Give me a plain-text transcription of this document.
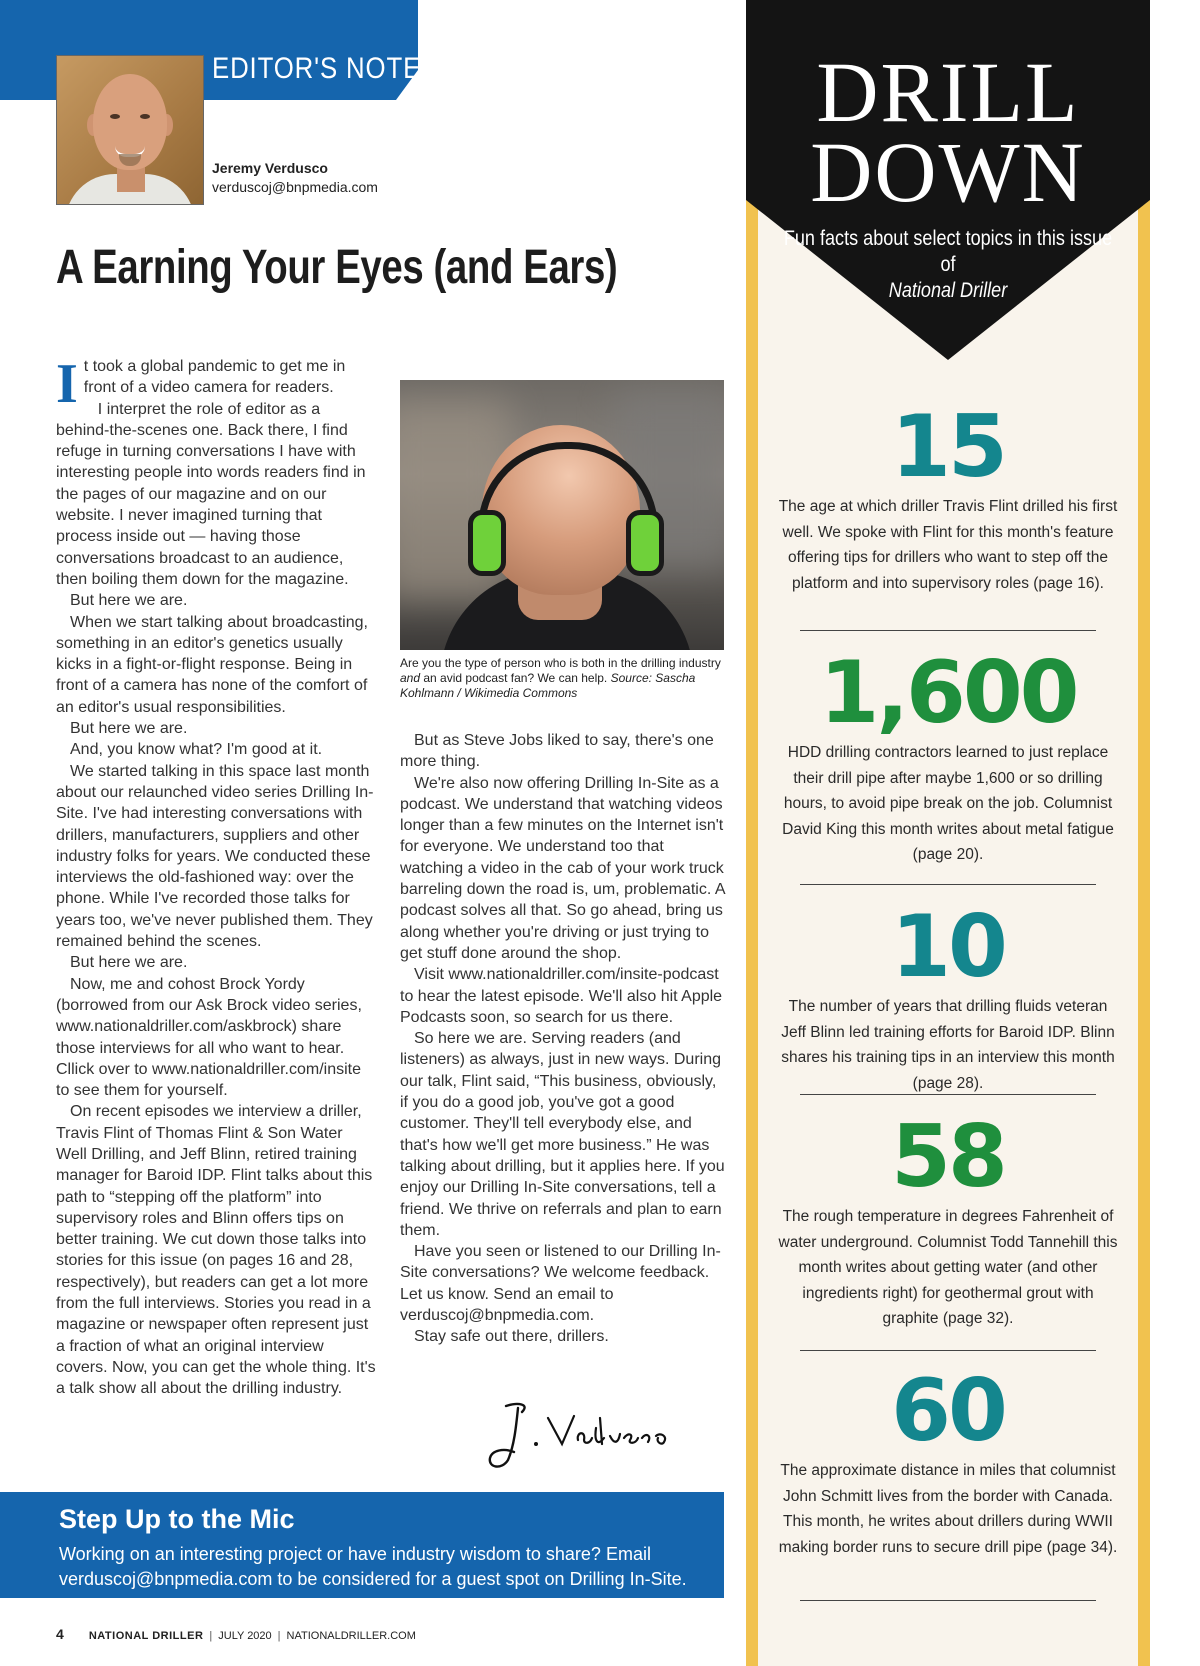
EDITOR'S NOTES
Jeremy Verdusco
verduscoj@bnpmedia.com
A Earning Your Eyes (and Ears)

It took a global pandemic to get me in front of a video camera for readers.

I interpret the role of editor as a behind-the-scenes one. Back there, I find refuge in turning conversations I have with interesting people into words readers find in the pages of our magazine and on our website. I never imagined turning that process inside out — having those conversations broadcast to an audience, then boiling them down for the magazine.

But here we are.

When we start talking about broadcasting, something in an editor's genetics usually kicks in a fight-or-flight response. Being in front of a camera has none of the comfort of an editor's usual responsibilities.

But here we are.

And, you know what? I'm good at it.

We started talking in this space last month about our relaunched video series Drilling In-Site. I've had interesting conversations with drillers, manufacturers, suppliers and other industry folks for years. We conducted these interviews the old-fashioned way: over the phone. While I've recorded those talks for years too, we've never published them. They remained behind the scenes.

But here we are.

Now, me and cohost Brock Yordy (borrowed from our Ask Brock video series, www.nationaldriller.com/askbrock) share those interviews for all who want to hear. Cllick over to www.nationaldriller.com/insite to see them for yourself.

On recent episodes we interview a driller, Travis Flint of Thomas Flint & Son Water Well Drilling, and Jeff Blinn, retired training manager for Baroid IDP. Flint talks about this path to “stepping off the platform” into supervisory roles and Blinn offers tips on better training. We cut down those talks into stories for this issue (on pages 16 and 28, respectively), but readers can get a lot more from the full interviews. Stories you read in a magazine or newspaper often represent just a fraction of what an original interview covers. Now, you can get the whole thing. It's a talk show all about the drilling industry.

Are you the type of person who is both in the drilling industry and an avid podcast fan? We can help. Source: Sascha Kohlmann / Wikimedia Commons

But as Steve Jobs liked to say, there's one more thing.

We're also now offering Drilling In-Site as a podcast. We understand that watching videos longer than a few minutes on the Internet isn't for everyone. We understand too that watching a video in the cab of your work truck barreling down the road is, um, problematic. A podcast solves all that. So go ahead, bring us along whether you're driving or just trying to get stuff done around the shop.

Visit www.nationaldriller.com/insite-podcast to hear the latest episode. We'll also hit Apple Podcasts soon, so search for us there.

So here we are. Serving readers (and listeners) as always, just in new ways. During our talk, Flint said, “This business, obviously, if you do a good job, you've got a good customer. They'll tell everybody else, and that's how we'll get more business.” He was talking about drilling, but it applies here. If you enjoy our Drilling In-Site conversations, tell a friend. We thrive on referrals and plan to earn them.

Have you seen or listened to our Drilling In-Site conversations? We welcome feedback. Let us know. Send an email to verduscoj@bnpmedia.com.

Stay safe out there, drillers.

Step Up to the Mic
Working on an interesting project or have industry wisdom to share? Email verduscoj@bnpmedia.com to be considered for a guest spot on Drilling In-Site.
4 NATIONAL DRILLER | JULY 2020 | NATIONALDRILLER.COM
DRILL
DOWN
Fun facts about select topics in this issue of
National Driller
15
The age at which driller Travis Flint drilled his first well. We spoke with Flint for this month's feature offering tips for drillers who want to step off the platform and into supervisory roles (page 16).
1,600
HDD drilling contractors learned to just replace their drill pipe after maybe 1,600 or so drilling hours, to avoid pipe break on the job. Columnist David King this month writes about metal fatigue (page 20).
10
The number of years that drilling fluids veteran Jeff Blinn led training efforts for Baroid IDP. Blinn shares his training tips in an interview this month (page 28).
58
The rough temperature in degrees Fahrenheit of water underground. Columnist Todd Tannehill this month writes about getting water (and other ingredients right) for geothermal grout with graphite (page 32).
60
The approximate distance in miles that columnist John Schmitt lives from the border with Canada. This month, he writes about drillers during WWII making border runs to secure drill pipe (page 34).
